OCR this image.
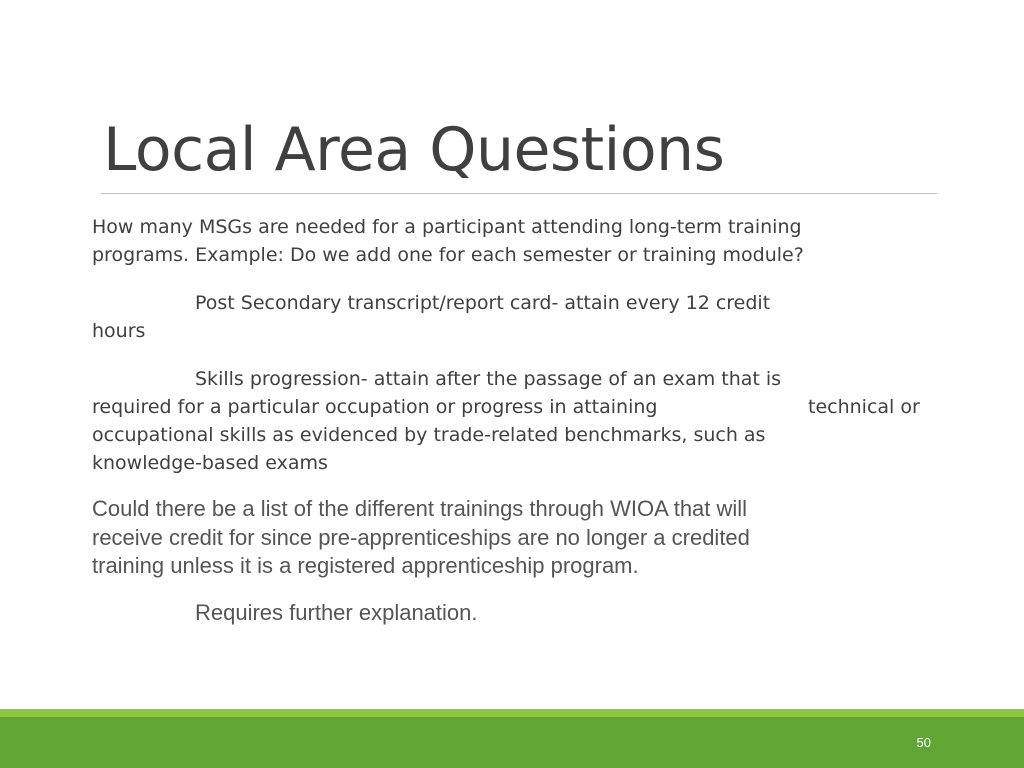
Local Area Questions
How many MSGs are needed for a participant attending long-term training
programs. Example: Do we add one for each semester or training module?
Post Secondary transcript/report card- attain every 12 credit
hours
Skills progression- attain after the passage of an exam that is
required for a particular occupation or progress in attaining	technical or
occupational skills as evidenced by trade-related benchmarks, such as
knowledge-based exams
Could there be a list of the different trainings through WIOA that will
receive credit for since pre-apprenticeships are no longer a credited
training unless it is a registered apprenticeship program.
Requires further explanation.
50
